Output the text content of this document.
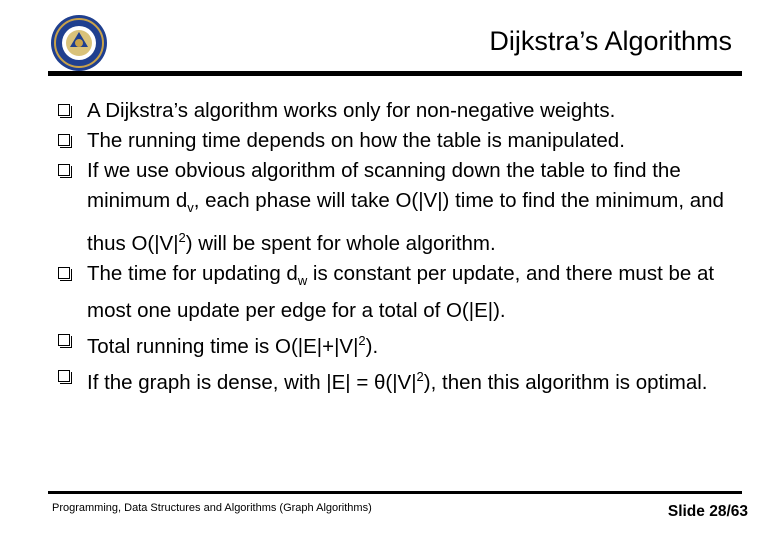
Dijkstra’s Algorithms
A Dijkstra’s algorithm works only for non-negative weights.
The running time depends on how the table is manipulated.
If we use obvious algorithm of scanning down the table to find the minimum $d_v$, each phase will take O(|V|) time to find the minimum, and thus $O(|V|^2)$ will be spent for whole algorithm.
The time for updating $d_w$ is constant per update, and there must be at most one update per edge for a total of O(|E|).
Total running time is $O(|E|+|V|^2)$.
If the graph is dense, with $|E| = \theta(|V|^2)$, then this algorithm is optimal.
Programming, Data Structures and Algorithms (Graph Algorithms)	Slide 28/63
